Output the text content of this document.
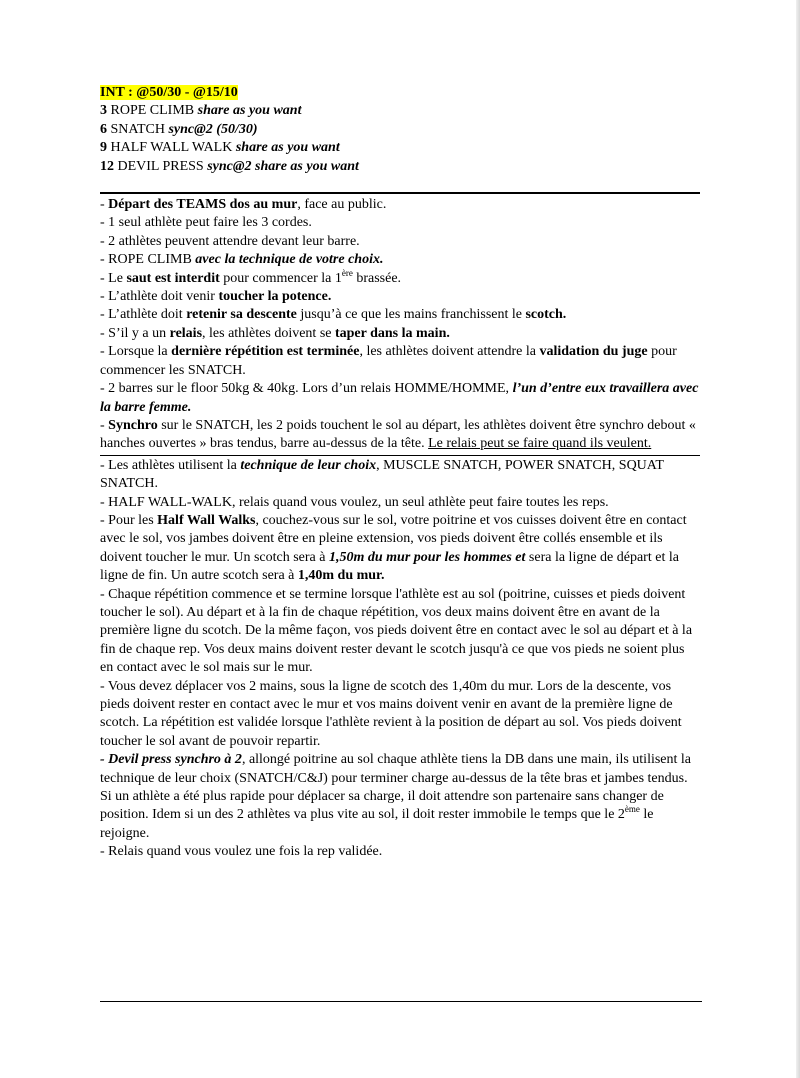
INT : @50/30 - @15/10
3 ROPE CLIMB share as you want
6 SNATCH sync@2 (50/30)
9 HALF WALL WALK share as you want
12 DEVIL PRESS sync@2 share as you want

- Départ des TEAMS dos au mur, face au public.

- 1 seul athlète peut faire les 3 cordes.

- 2 athlètes peuvent attendre devant leur barre.

- ROPE CLIMB avec la technique de votre choix.

- Le saut est interdit pour commencer la 1ère brassée.

- L’athlète doit venir toucher la potence.

- L’athlète doit retenir sa descente jusqu’à ce que les mains franchissent le scotch.

- S’il y a un relais, les athlètes doivent se taper dans la main.

- Lorsque la dernière répétition est terminée, les athlètes doivent attendre la validation du juge pour commencer les SNATCH.

- 2 barres sur le floor 50kg & 40kg. Lors d’un relais HOMME/HOMME, l’un d’entre eux travaillera avec la barre femme.

- Synchro sur le SNATCH, les 2 poids touchent le sol au départ, les athlètes doivent être synchro debout « hanches ouvertes » bras tendus, barre au-dessus de la tête. Le relais peut se faire quand ils veulent.

- Les athlètes utilisent la technique de leur choix, MUSCLE SNATCH, POWER SNATCH, SQUAT SNATCH.

- HALF WALL-WALK, relais quand vous voulez, un seul athlète peut faire toutes les reps.

- Pour les Half Wall Walks, couchez-vous sur le sol, votre poitrine et vos cuisses doivent être en contact avec le sol, vos jambes doivent être en pleine extension, vos pieds doivent être collés ensemble et ils doivent toucher le mur. Un scotch sera à 1,50m du mur pour les hommes et sera la ligne de départ et la ligne de fin. Un autre scotch sera à 1,40m du mur.

- Chaque répétition commence et se termine lorsque l'athlète est au sol (poitrine, cuisses et pieds doivent toucher le sol). Au départ et à la fin de chaque répétition, vos deux mains doivent être en avant de la première ligne du scotch. De la même façon, vos pieds doivent être en contact avec le sol au départ et à la fin de chaque rep. Vos deux mains doivent rester devant le scotch jusqu'à ce que vos pieds ne soient plus en contact avec le sol mais sur le mur.

- Vous devez déplacer vos 2 mains, sous la ligne de scotch des 1,40m du mur. Lors de la descente, vos pieds doivent rester en contact avec le mur et vos mains doivent venir en avant de la première ligne de scotch. La répétition est validée lorsque l'athlète revient à la position de départ au sol. Vos pieds doivent toucher le sol avant de pouvoir repartir.

- Devil press synchro à 2, allongé poitrine au sol chaque athlète tiens la DB dans une main, ils utilisent la technique de leur choix (SNATCH/C&J) pour terminer charge au-dessus de la tête bras et jambes tendus. Si un athlète a été plus rapide pour déplacer sa charge, il doit attendre son partenaire sans changer de position. Idem si un des 2 athlètes va plus vite au sol, il doit rester immobile le temps que le 2ème le rejoigne.

- Relais quand vous voulez une fois la rep validée.
